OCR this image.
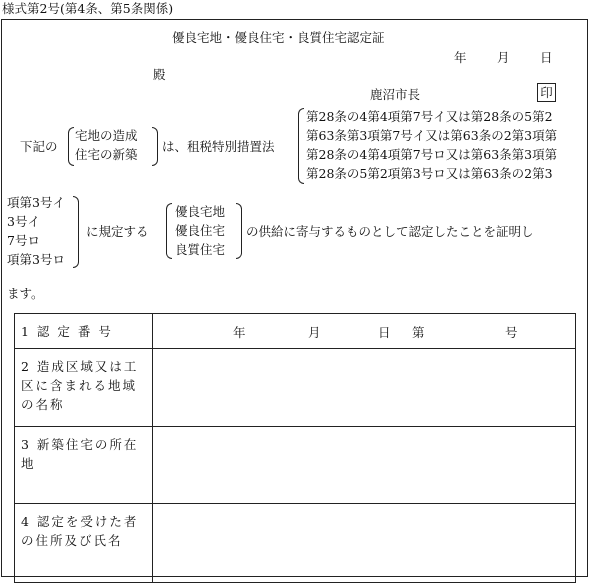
様式第2号(第4条、第5条関係)
優良宅地・優良住宅・良質住宅認定証
年 月 日
殿
鹿沼市長	印
下記の
宅地の造成
住宅の新築
は、租税特別措置法
第28条の4第4項第7号イ又は第28条の5第2
第63条第3項第7号イ又は第63条の2第3項第
第28条の4第4項第7号ロ又は第63条第3項第
第28条の5第2項第3号ロ又は第63条の2第3
項第3号イ
3号イ
7号ロ
項第3号ロ
に規定する
優良宅地
優良住宅
良質住宅
の供給に寄与するものとして認定したことを証明し
ます。
1 認 定 番 号	年 月 日 第 号

2 造成区域又は工区に含まれる地域の名称	
3 新築住宅の所在地	
4 認定を受けた者の住所及び氏名	
